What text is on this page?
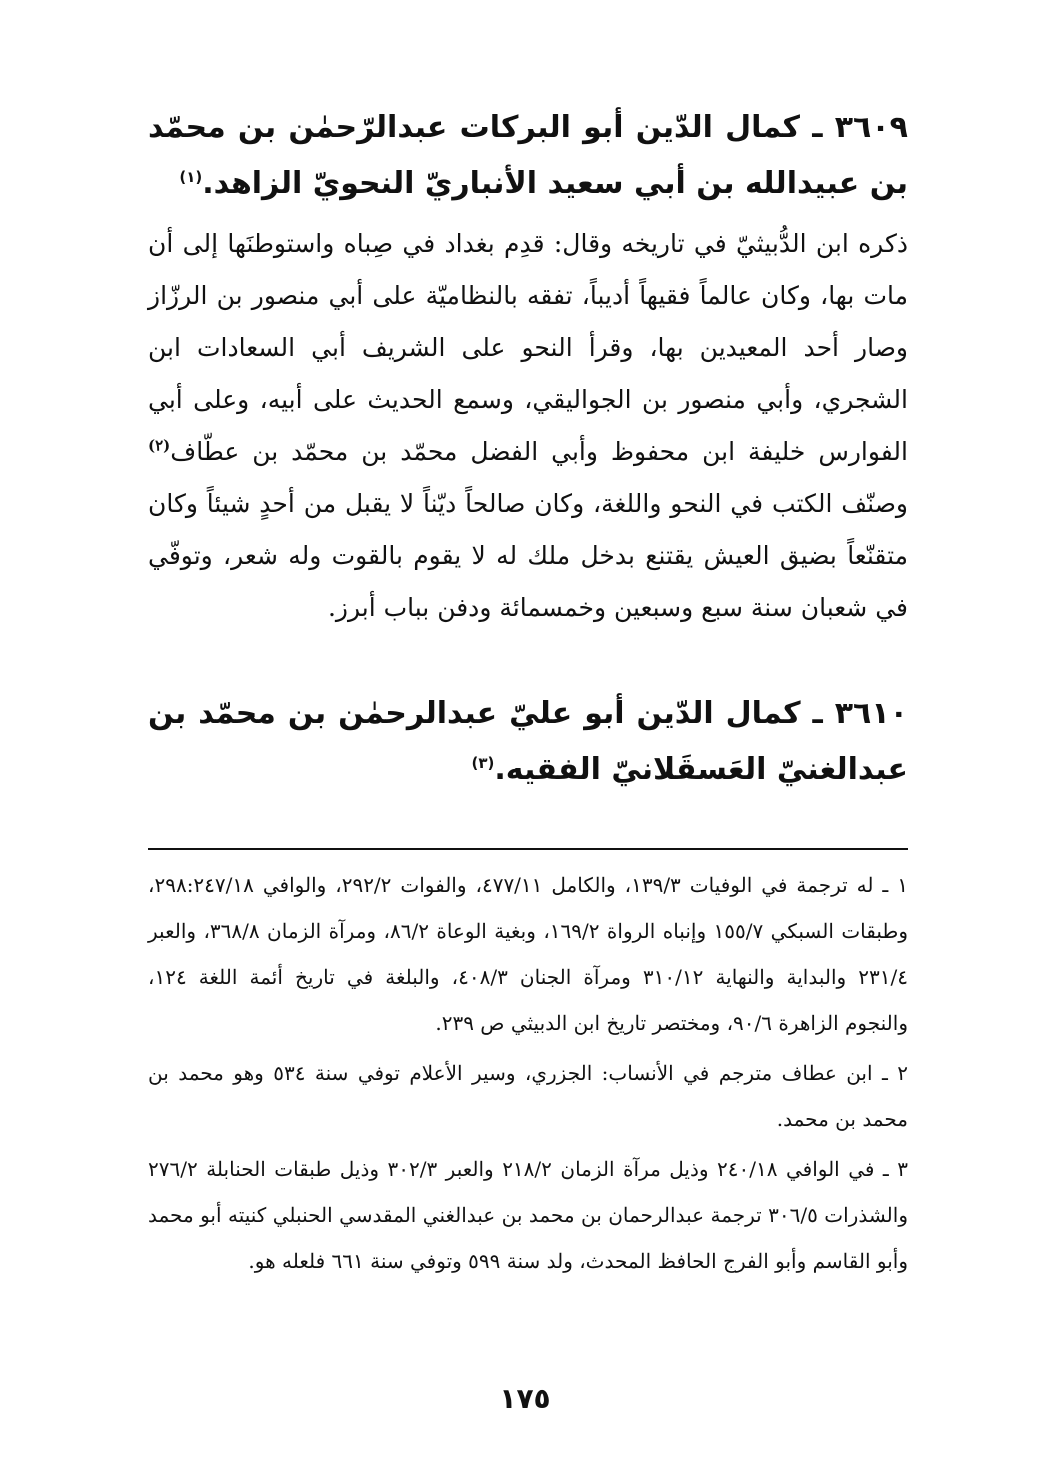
٣٦٠٩ ـ كمال الدّين أبو البركات عبدالرّحمٰن بن محمّد بن عبيدالله بن أبي سعيد الأنباريّ النحويّ الزاهد.$^{(١)}$

ذكره ابن الدُّبيثيّ في تاريخه وقال: قدِم بغداد في صِباه واستوطنَها إلى أن مات بها، وكان عالماً فقيهاً أديباً، تفقه بالنظاميّة على أبي منصور بن الرزّاز وصار أحد المعيدين بها، وقرأ النحو على الشريف أبي السعادات ابن الشجري، وأبي منصور بن الجواليقي، وسمع الحديث على أبيه، وعلى أبي الفوارس خليفة ابن محفوظ وأبي الفضل محمّد بن محمّد بن عطّاف$^{(٢)}$ وصنّف الكتب في النحو واللغة، وكان صالحاً ديّناً لا يقبل من أحدٍ شيئاً وكان متقنّعاً بضيق العيش يقتنع بدخل ملك له لا يقوم بالقوت وله شعر، وتوفّي في شعبان سنة سبع وسبعين وخمسمائة ودفن بباب أبرز.

٣٦١٠ ـ كمال الدّين أبو عليّ عبدالرحمٰن بن محمّد بن عبدالغنيّ العَسقَلانيّ الفقيه.$^{(٣)}$

١ ـ له ترجمة في الوفيات ١٣٩/٣، والكامل ٤٧٧/١١، والفوات ٢٩٢/٢، والوافي ٢٩٨:٢٤٧/١٨، وطبقات السبكي ١٥٥/٧ وإنباه الرواة ١٦٩/٢، وبغية الوعاة ٨٦/٢، ومرآة الزمان ٣٦٨/٨، والعبر ٢٣١/٤ والبداية والنهاية ٣١٠/١٢ ومرآة الجنان ٤٠٨/٣، والبلغة في تاريخ أئمة اللغة ١٢٤، والنجوم الزاهرة ٩٠/٦، ومختصر تاريخ ابن الدبيثي ص ٢٣٩.

٢ ـ ابن عطاف مترجم في الأنساب: الجزري، وسير الأعلام توفي سنة ٥٣٤ وهو محمد بن محمد بن محمد.

٣ ـ في الوافي ٢٤٠/١٨ وذيل مرآة الزمان ٢١٨/٢ والعبر ٣٠٢/٣ وذيل طبقات الحنابلة ٢٧٦/٢ والشذرات ٣٠٦/٥ ترجمة عبدالرحمان بن محمد بن عبدالغني المقدسي الحنبلي كنيته أبو محمد وأبو القاسم وأبو الفرج الحافظ المحدث، ولد سنة ٥٩٩ وتوفي سنة ٦٦١ فلعله هو.

١٧٥
